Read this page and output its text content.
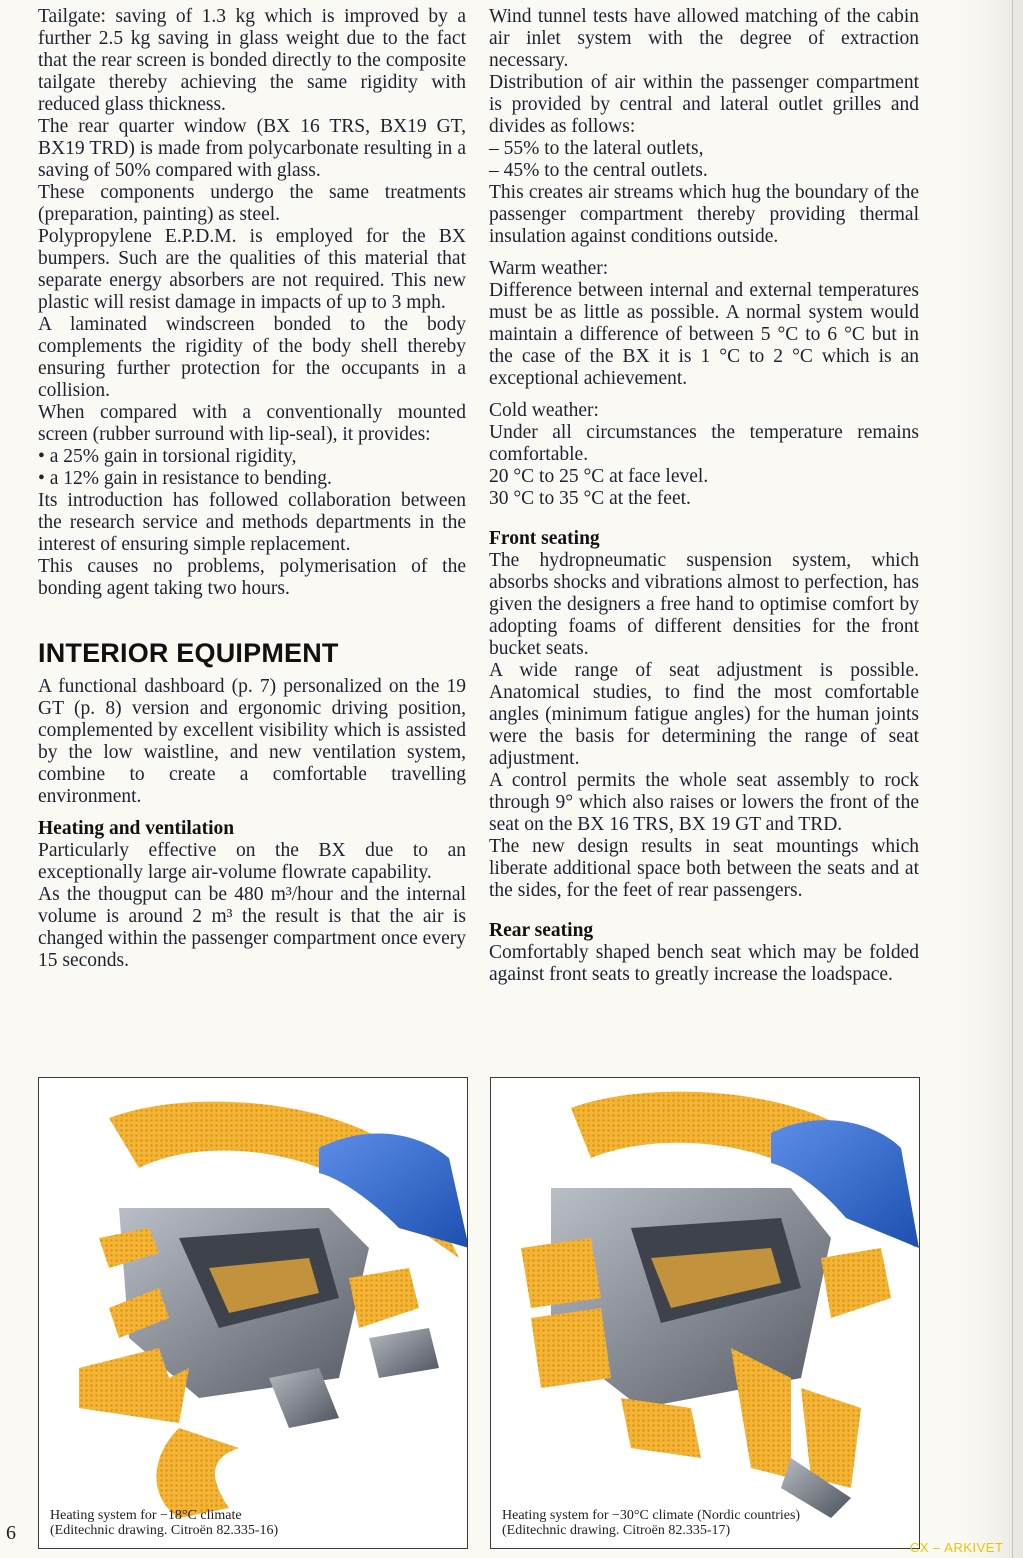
Tailgate: saving of 1.3 kg which is improved by a further 2.5 kg saving in glass weight due to the fact that the rear screen is bonded directly to the composite tailgate thereby achieving the same rigidity with reduced glass thickness.

The rear quarter window (BX 16 TRS, BX19 GT, BX19 TRD) is made from polycarbonate resulting in a saving of 50% compared with glass.

These components undergo the same treatments (preparation, painting) as steel.

Polypropylene E.P.D.M. is employed for the BX bumpers. Such are the qualities of this material that separate energy absorbers are not required. This new plastic will resist damage in impacts of up to 3 mph.

A laminated windscreen bonded to the body complements the rigidity of the body shell thereby ensuring further protection for the occupants in a collision.

When compared with a conventionally mounted screen (rubber surround with lip-seal), it provides:

• a 25% gain in torsional rigidity,

• a 12% gain in resistance to bending.

Its introduction has followed collaboration between the research service and methods departments in the interest of ensuring simple replacement.

This causes no problems, polymerisation of the bonding agent taking two hours.

INTERIOR EQUIPMENT

A functional dashboard (p. 7) personalized on the 19 GT (p. 8) version and ergonomic driving position, complemented by excellent visibility which is assisted by the low waistline, and new ventilation system, combine to create a comfortable travelling environment.

Heating and ventilation

Particularly effective on the BX due to an exceptionally large air-volume flowrate capability.

As the thougput can be 480 m³/hour and the internal volume is around 2 m³ the result is that the air is changed within the passenger compartment once every 15 seconds.

Wind tunnel tests have allowed matching of the cabin air inlet system with the degree of extraction necessary.

Distribution of air within the passenger compartment is provided by central and lateral outlet grilles and divides as follows:

– 55% to the lateral outlets,

– 45% to the central outlets.

This creates air streams which hug the boundary of the passenger compartment thereby providing thermal insulation against conditions outside.

Warm weather:

Difference between internal and external temperatures must be as little as possible. A normal system would maintain a difference of between 5 °C to 6 °C but in the case of the BX it is 1 °C to 2 °C which is an exceptional achievement.

Cold weather:

Under all circumstances the temperature remains comfortable.

20 °C to 25 °C at face level.

30 °C to 35 °C at the feet.

Front seating

The hydropneumatic suspension system, which absorbs shocks and vibrations almost to perfection, has given the designers a free hand to optimise comfort by adopting foams of different densities for the front bucket seats.

A wide range of seat adjustment is possible. Anatomical studies, to find the most comfortable angles (minimum fatigue angles) for the human joints were the basis for determining the range of seat adjustment.

A control permits the whole seat assembly to rock through 9° which also raises or lowers the front of the seat on the BX 16 TRS, BX 19 GT and TRD.

The new design results in seat mountings which liberate additional space both between the seats and at the sides, for the feet of rear passengers.

Rear seating

Comfortably shaped bench seat which may be folded against front seats to greatly increase the loadspace.

Heating system for −18°C climate
(Editechnic drawing. Citroën 82.335-16)
Heating system for −30°C climate (Nordic countries)
(Editechnic drawing. Citroën 82.335-17)
6
CX – ARKIVET
